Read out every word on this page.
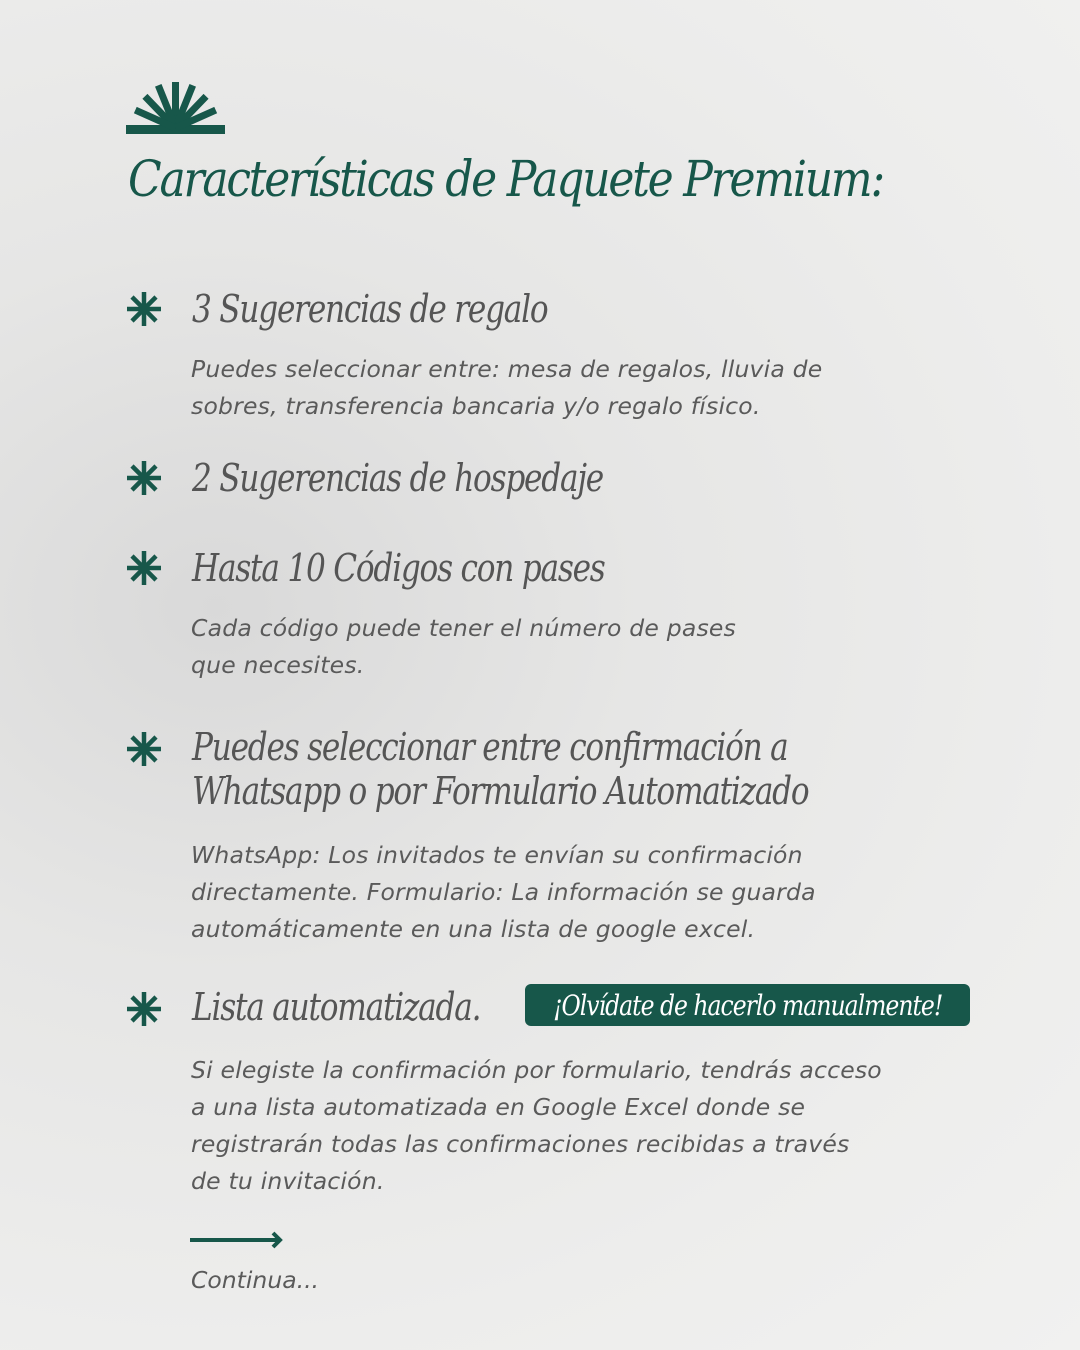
Características de Paquete Premium:
3 Sugerencias de regalo

Puedes seleccionar entre: mesa de regalos, lluvia de
sobres, transferencia bancaria y/o regalo físico.

2 Sugerencias de hospedaje
Hasta 10 Códigos con pases

Cada código puede tener el número de pases
que necesites.

Puedes seleccionar entre confirmación a
Whatsapp o por Formulario Automatizado

WhatsApp: Los invitados te envían su confirmación
directamente. Formulario: La información se guarda
automáticamente en una lista de google excel.

Lista automatizada.

Si elegiste la confirmación por formulario, tendrás acceso
a una lista automatizada en Google Excel donde se
registrarán todas las confirmaciones recibidas a través
de tu invitación.

¡Olvídate de hacerlo manualmente!

Continua...
